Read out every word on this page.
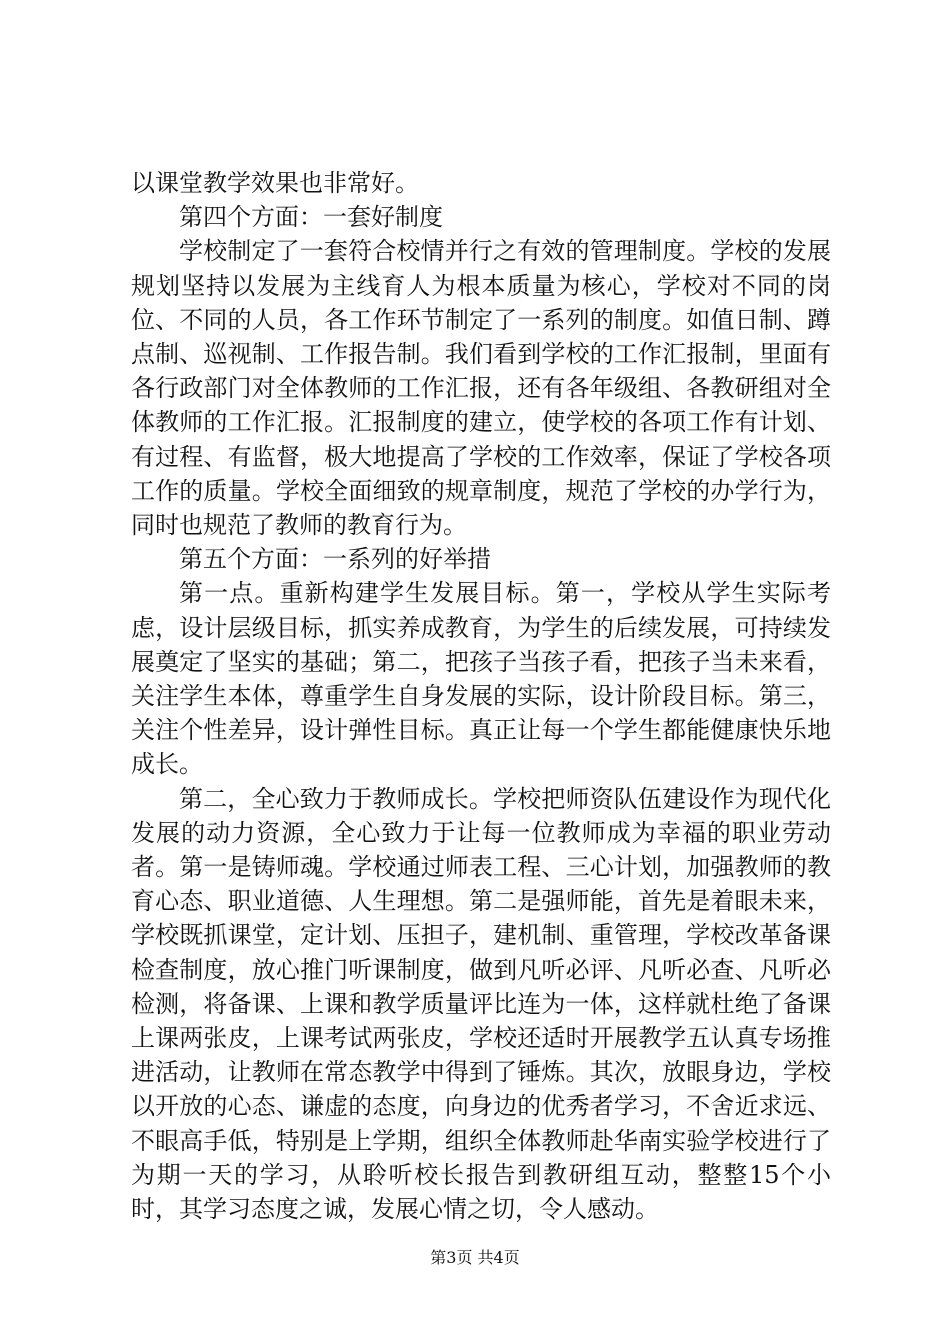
以课堂教学效果也非常好。

第四个方面：一套好制度

学校制定了一套符合校情并行之有效的管理制度。学校的发展规划坚持以发展为主线育人为根本质量为核心，学校对不同的岗位、不同的人员，各工作环节制定了一系列的制度。如值日制、蹲点制、巡视制、工作报告制。我们看到学校的工作汇报制，里面有各行政部门对全体教师的工作汇报，还有各年级组、各教研组对全体教师的工作汇报。汇报制度的建立，使学校的各项工作有计划、有过程、有监督，极大地提高了学校的工作效率，保证了学校各项工作的质量。学校全面细致的规章制度，规范了学校的办学行为，同时也规范了教师的教育行为。

第五个方面：一系列的好举措

第一点。重新构建学生发展目标。第一，学校从学生实际考虑，设计层级目标，抓实养成教育，为学生的后续发展，可持续发展奠定了坚实的基础；第二，把孩子当孩子看，把孩子当未来看，关注学生本体，尊重学生自身发展的实际，设计阶段目标。第三，关注个性差异，设计弹性目标。真正让每一个学生都能健康快乐地成长。

第二，全心致力于教师成长。学校把师资队伍建设作为现代化发展的动力资源，全心致力于让每一位教师成为幸福的职业劳动者。第一是铸师魂。学校通过师表工程、三心计划，加强教师的教育心态、职业道德、人生理想。第二是强师能，首先是着眼未来，学校既抓课堂，定计划、压担子，建机制、重管理，学校改革备课检查制度，放心推门听课制度，做到凡听必评、凡听必查、凡听必检测，将备课、上课和教学质量评比连为一体，这样就杜绝了备课上课两张皮，上课考试两张皮，学校还适时开展教学五认真专场推进活动，让教师在常态教学中得到了锤炼。其次，放眼身边，学校以开放的心态、谦虚的态度，向身边的优秀者学习，不舍近求远、不眼高手低，特别是上学期，组织全体教师赴华南实验学校进行了为期一天的学习，从聆听校长报告到教研组互动，整整15个小时，其学习态度之诚，发展心情之切，令人感动。

第3页 共4页
